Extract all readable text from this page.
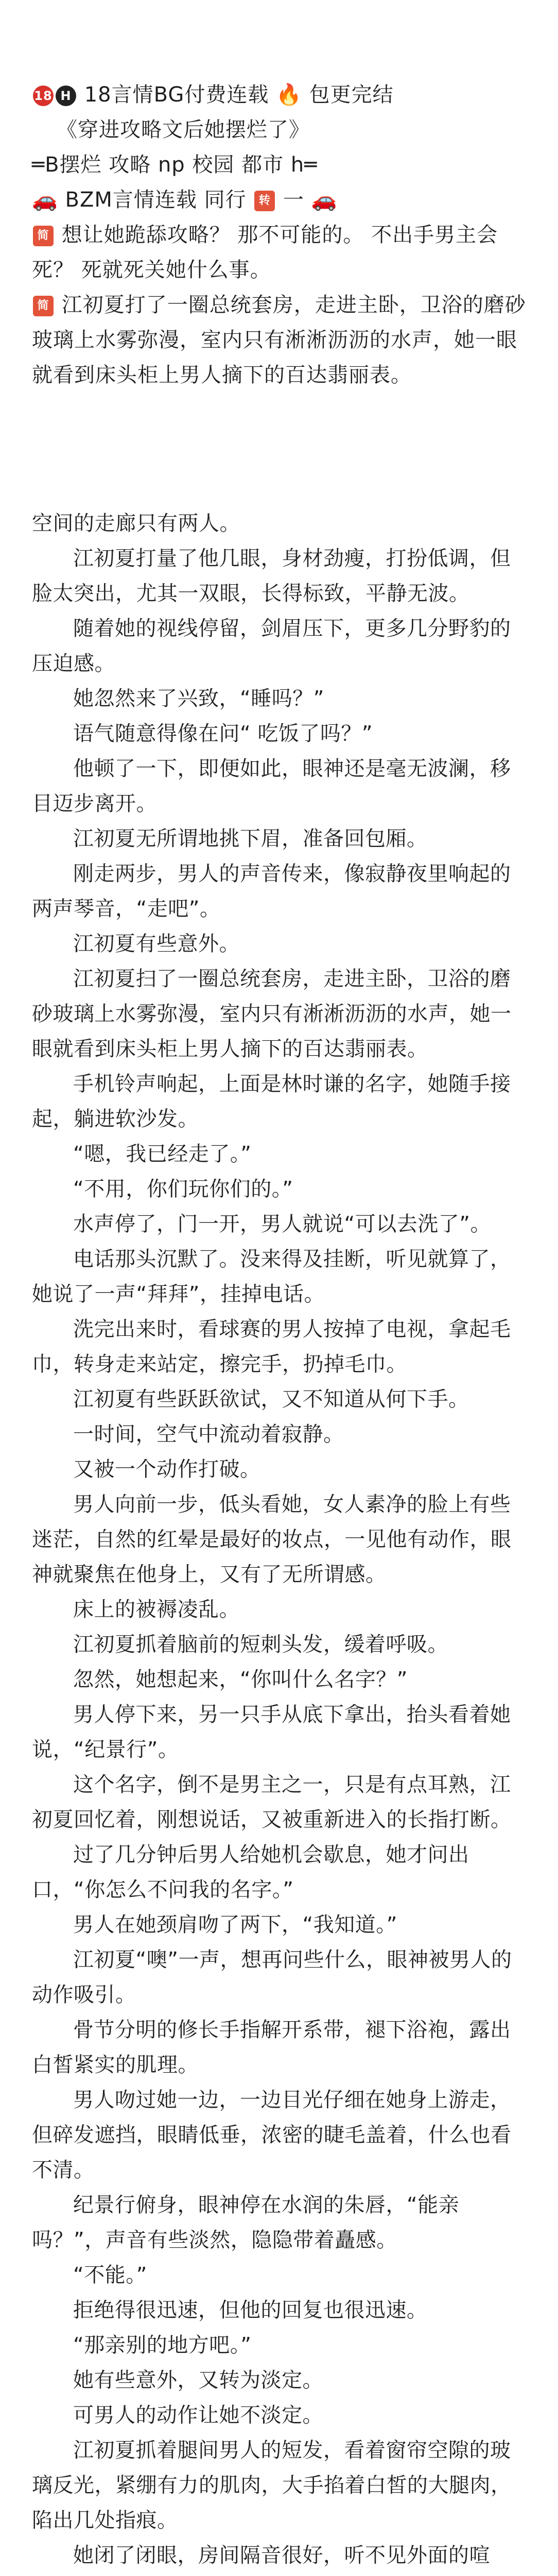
18 H 18言情BG付费连载 🔥 包更完结

《穿进攻略文后她摆烂了》

═B摆烂 攻略 np 校园 都市 h═

🚗 BZM言情连载 同行 转 一 🚗

简 想让她跪舔攻略？ 那不可能的。 不出手男主会死？ 死就死关她什么事。

简 江初夏打了一圈总统套房，走进主卧，卫浴的磨砂玻璃上水雾弥漫，室内只有淅淅沥沥的水声，她一眼就看到床头柜上男人摘下的百达翡丽表。

空间的走廊只有两人。

江初夏打量了他几眼，身材劲瘦，打扮低调，但脸太突出，尤其一双眼，长得标致，平静无波。

随着她的视线停留，剑眉压下，更多几分野豹的压迫感。

她忽然来了兴致，“睡吗？”

语气随意得像在问“ 吃饭了吗？”

他顿了一下，即便如此，眼神还是毫无波澜，移目迈步离开。

江初夏无所谓地挑下眉，准备回包厢。

刚走两步，男人的声音传来，像寂静夜里响起的两声琴音，“走吧”。

江初夏有些意外。

江初夏扫了一圈总统套房，走进主卧，卫浴的磨砂玻璃上水雾弥漫，室内只有淅淅沥沥的水声，她一眼就看到床头柜上男人摘下的百达翡丽表。

手机铃声响起，上面是林时谦的名字，她随手接起，躺进软沙发。

“嗯，我已经走了。”

“不用，你们玩你们的。”

水声停了，门一开，男人就说“可以去洗了”。

电话那头沉默了。没来得及挂断，听见就算了，她说了一声“拜拜”，挂掉电话。

洗完出来时，看球赛的男人按掉了电视，拿起毛巾，转身走来站定，擦完手，扔掉毛巾。

江初夏有些跃跃欲试，又不知道从何下手。

一时间，空气中流动着寂静。

又被一个动作打破。

男人向前一步，低头看她，女人素净的脸上有些迷茫，自然的红晕是最好的妆点，一见他有动作，眼神就聚焦在他身上，又有了无所谓感。

床上的被褥凌乱。

江初夏抓着脑前的短刺头发，缓着呼吸。

忽然，她想起来，“你叫什么名字？”

男人停下来，另一只手从底下拿出，抬头看着她说，“纪景行”。

这个名字，倒不是男主之一，只是有点耳熟，江初夏回忆着，刚想说话，又被重新进入的长指打断。

过了几分钟后男人给她机会歇息，她才问出口，“你怎么不问我的名字。”

男人在她颈肩吻了两下，“我知道。”

江初夏“噢”一声，想再问些什么，眼神被男人的动作吸引。

骨节分明的修长手指解开系带，褪下浴袍，露出白皙紧实的肌理。

男人吻过她一边，一边目光仔细在她身上游走，但碎发遮挡，眼睛低垂，浓密的睫毛盖着，什么也看不清。

纪景行俯身，眼神停在水润的朱唇，“能亲吗？”，声音有些淡然，隐隐带着矗感。

“不能。”

拒绝得很迅速，但他的回复也很迅速。

“那亲别的地方吧。”

她有些意外，又转为淡定。

可男人的动作让她不淡定。

江初夏抓着腿间男人的短发，看着窗帘空隙的玻璃反光，紧绷有力的肌肉，大手掐着白皙的大腿肉，陷出几处指痕。

她闭了闭眼，房间隔音很好，听不见外面的喧
